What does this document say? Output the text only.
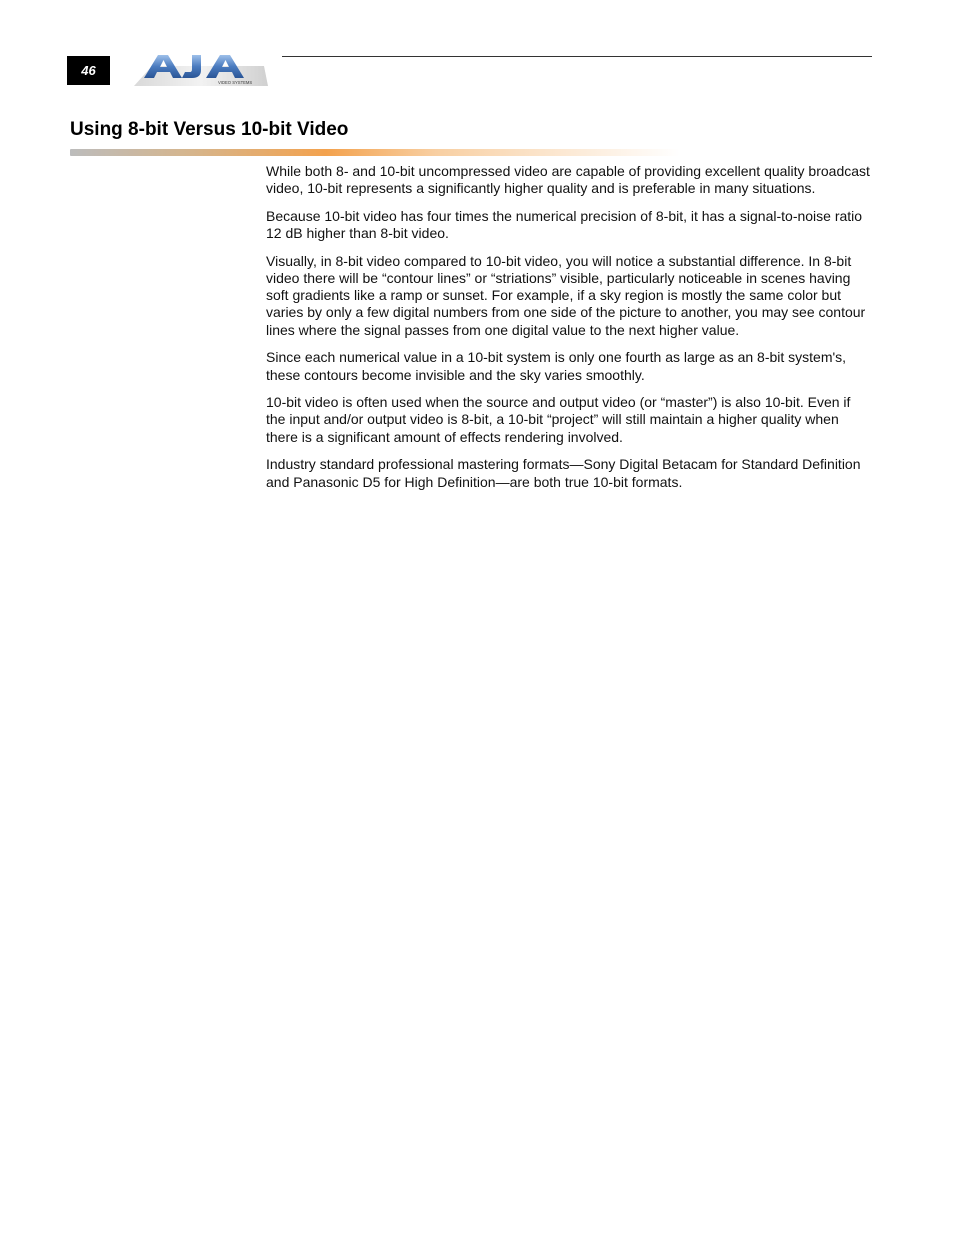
46
VIDEO SYSTEMS
Using 8-bit Versus 10-bit Video

While both 8- and 10-bit uncompressed video are capable of providing excellent quality broadcast video, 10-bit represents a significantly higher quality and is preferable in many situations.

Because 10-bit video has four times the numerical precision of 8-bit, it has a signal-to-noise ratio 12 dB higher than 8-bit video.

Visually, in 8-bit video compared to 10-bit video, you will notice a substantial difference. In 8-bit video there will be “contour lines” or “striations” visible, particularly noticeable in scenes having soft gradients like a ramp or sunset. For example, if a sky region is mostly the same color but varies by only a few digital numbers from one side of the picture to another, you may see contour lines where the signal passes from one digital value to the next higher value.

Since each numerical value in a 10-bit system is only one fourth as large as an 8-bit system's, these contours become invisible and the sky varies smoothly.

10-bit video is often used when the source and output video (or “master”) is also 10-bit. Even if the input and/or output video is 8-bit, a 10-bit “project” will still maintain a higher quality when there is a significant amount of effects rendering involved.

Industry standard professional mastering formats—Sony Digital Betacam for Standard Definition and Panasonic D5 for High Definition—are both true 10-bit formats.
